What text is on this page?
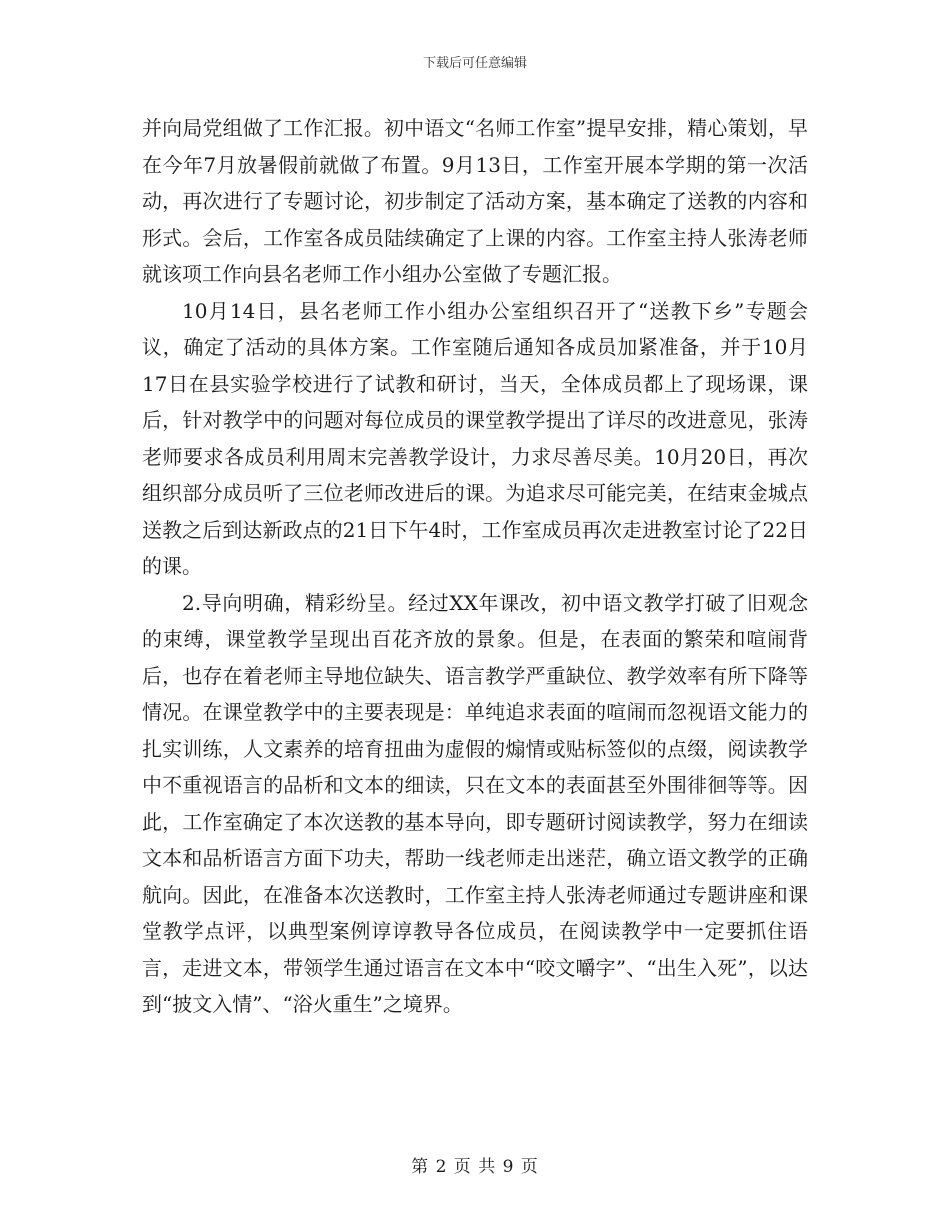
下载后可任意编辑

并向局党组做了工作汇报。初中语文“名师工作室”提早安排，精心策划，早在今年7月放暑假前就做了布置。9月13日，工作室开展本学期的第一次活动，再次进行了专题讨论，初步制定了活动方案，基本确定了送教的内容和形式。会后，工作室各成员陆续确定了上课的内容。工作室主持人张涛老师就该项工作向县名老师工作小组办公室做了专题汇报。

10月14日，县名老师工作小组办公室组织召开了“送教下乡”专题会议，确定了活动的具体方案。工作室随后通知各成员加紧准备，并于10月17日在县实验学校进行了试教和研讨，当天，全体成员都上了现场课，课后，针对教学中的问题对每位成员的课堂教学提出了详尽的改进意见，张涛老师要求各成员利用周末完善教学设计，力求尽善尽美。10月20日，再次组织部分成员听了三位老师改进后的课。为追求尽可能完美，在结束金城点送教之后到达新政点的21日下午4时，工作室成员再次走进教室讨论了22日的课。

2.导向明确，精彩纷呈。经过XX年课改，初中语文教学打破了旧观念的束缚，课堂教学呈现出百花齐放的景象。但是，在表面的繁荣和喧闹背后，也存在着老师主导地位缺失、语言教学严重缺位、教学效率有所下降等情况。在课堂教学中的主要表现是：单纯追求表面的喧闹而忽视语文能力的扎实训练，人文素养的培育扭曲为虚假的煽情或贴标签似的点缀，阅读教学中不重视语言的品析和文本的细读，只在文本的表面甚至外围徘徊等等。因此，工作室确定了本次送教的基本导向，即专题研讨阅读教学，努力在细读文本和品析语言方面下功夫，帮助一线老师走出迷茫，确立语文教学的正确航向。因此，在准备本次送教时，工作室主持人张涛老师通过专题讲座和课堂教学点评，以典型案例谆谆教导各位成员，在阅读教学中一定要抓住语言，走进文本，带领学生通过语言在文本中“咬文嚼字”、“出生入死”，以达到“披文入情”、“浴火重生”之境界。

第 2 页 共 9 页
